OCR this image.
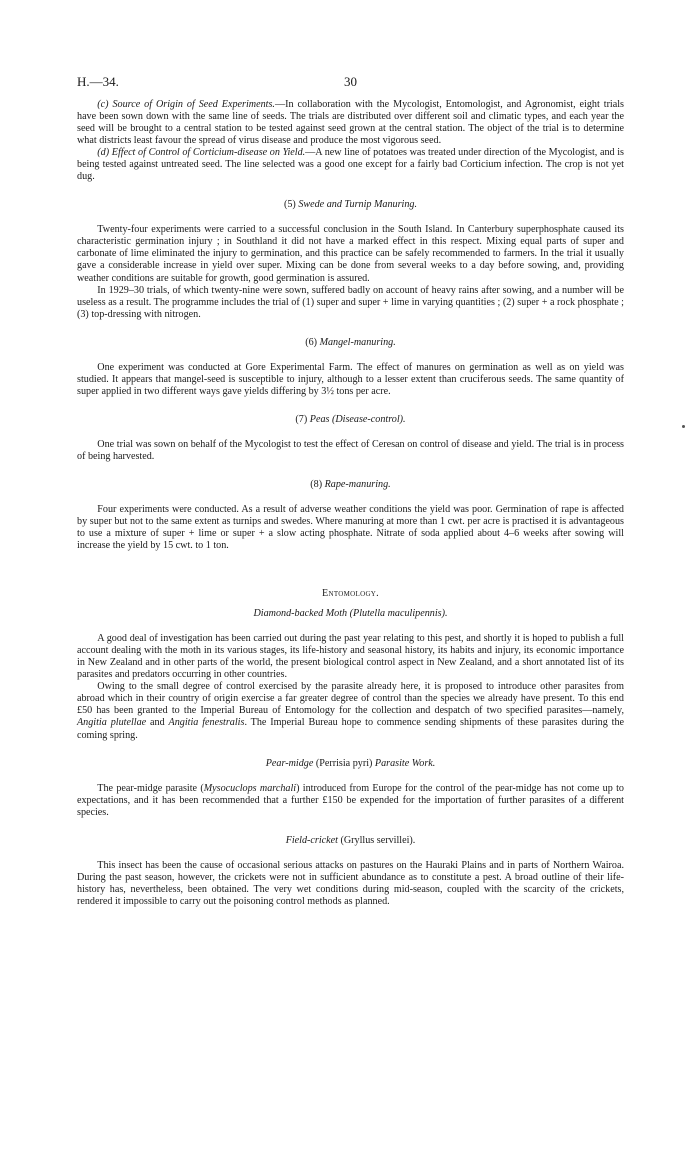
H.—34.	30

(c) Source of Origin of Seed Experiments.—In collaboration with the Mycologist, Entomologist, and Agronomist, eight trials have been sown down with the same line of seeds. The trials are distributed over different soil and climatic types, and each year the seed will be brought to a central station to be tested against seed grown at the central station. The object of the trial is to determine what districts least favour the spread of virus disease and produce the most vigorous seed.

(d) Effect of Control of Corticium-disease on Yield.—A new line of potatoes was treated under direction of the Mycologist, and is being tested against untreated seed. The line selected was a good one except for a fairly bad Corticium infection. The crop is not yet dug.

(5) Swede and Turnip Manuring.

Twenty-four experiments were carried to a successful conclusion in the South Island. In Canterbury superphosphate caused its characteristic germination injury ; in Southland it did not have a marked effect in this respect. Mixing equal parts of super and carbonate of lime eliminated the injury to germination, and this practice can be safely recommended to farmers. In the trial it usually gave a considerable increase in yield over super. Mixing can be done from several weeks to a day before sowing, and, providing weather conditions are suitable for growth, good germination is assured.

In 1929–30 trials, of which twenty-nine were sown, suffered badly on account of heavy rains after sowing, and a number will be useless as a result. The programme includes the trial of (1) super and super + lime in varying quantities ; (2) super + a rock phosphate ; (3) top-dressing with nitrogen.

(6) Mangel-manuring.

One experiment was conducted at Gore Experimental Farm. The effect of manures on germination as well as on yield was studied. It appears that mangel-seed is susceptible to injury, although to a lesser extent than cruciferous seeds. The same quantity of super applied in two different ways gave yields differing by 3½ tons per acre.

(7) Peas (Disease-control).

One trial was sown on behalf of the Mycologist to test the effect of Ceresan on control of disease and yield. The trial is in process of being harvested.

(8) Rape-manuring.

Four experiments were conducted. As a result of adverse weather conditions the yield was poor. Germination of rape is affected by super but not to the same extent as turnips and swedes. Where manuring at more than 1 cwt. per acre is practised it is advantageous to use a mixture of super + lime or super + a slow acting phosphate. Nitrate of soda applied about 4–6 weeks after sowing will increase the yield by 15 cwt. to 1 ton.

Entomology.
Diamond-backed Moth (Plutella maculipennis).

A good deal of investigation has been carried out during the past year relating to this pest, and shortly it is hoped to publish a full account dealing with the moth in its various stages, its life-history and seasonal history, its habits and injury, its economic importance in New Zealand and in other parts of the world, the present biological control aspect in New Zealand, and a short annotated list of its parasites and predators occurring in other countries.

Owing to the small degree of control exercised by the parasite already here, it is proposed to introduce other parasites from abroad which in their country of origin exercise a far greater degree of control than the species we already have present. To this end £50 has been granted to the Imperial Bureau of Entomology for the collection and despatch of two specified parasites—namely, Angitia plutellae and Angitia fenestralis. The Imperial Bureau hope to commence sending shipments of these parasites during the coming spring.

Pear-midge (Perrisia pyri) Parasite Work.

The pear-midge parasite (Mysocuclops marchali) introduced from Europe for the control of the pear-midge has not come up to expectations, and it has been recommended that a further £150 be expended for the importation of further parasites of a different species.

Field-cricket (Gryllus servillei).

This insect has been the cause of occasional serious attacks on pastures on the Hauraki Plains and in parts of Northern Wairoa. During the past season, however, the crickets were not in sufficient abundance as to constitute a pest. A broad outline of their life-history has, nevertheless, been obtained. The very wet conditions during mid-season, coupled with the scarcity of the crickets, rendered it impossible to carry out the poisoning control methods as planned.
